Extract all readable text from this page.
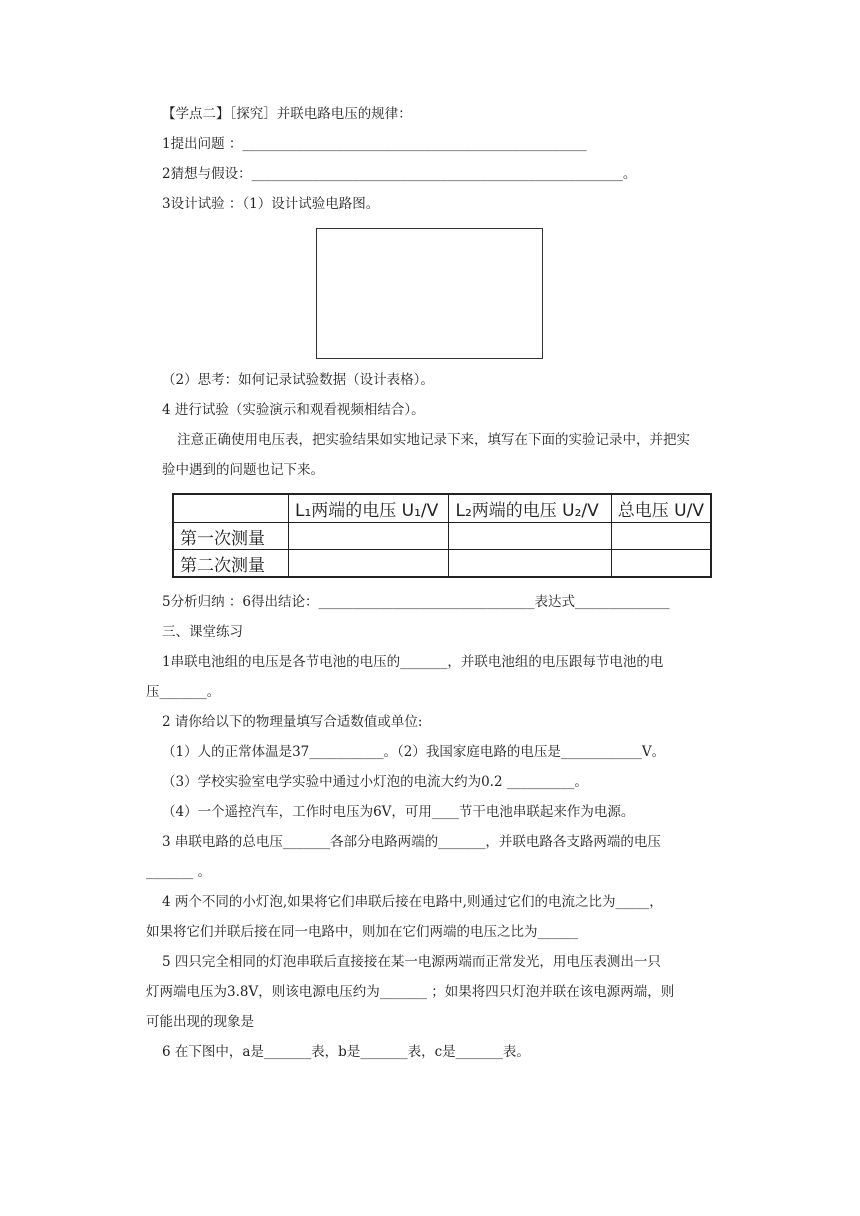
【学点二】［探究］并联电路电压的规律：
1提出问题 ：___________________________________________________
2猜想与假设：_______________________________________________________。
3设计试验 ：（1）设计试验电路图。
（2）思考：如何记录试验数据（设计表格）。
4 进行试验（实验演示和观看视频相结合）。
注意正确使用电压表，把实验结果如实地记录下来，填写在下面的实验记录中，并把实
验中遇到的问题也记下来。
	L₁两端的电压 U₁/V	L₂两端的电压 U₂/V	总电压 U/V
第一次测量			
第二次测量			
5分析归纳 ：6得出结论：________________________________表达式______________
三、课堂练习
1串联电池组的电压是各节电池的电压的_______，并联电池组的电压跟每节电池的电
压_______。
2 请你给以下的物理量填写合适数值或单位:
（1）人的正常体温是37___________。（2）我国家庭电路的电压是____________V。
（3）学校实验室电学实验中通过小灯泡的电流大约为0.2 __________。
（4）一个遥控汽车，工作时电压为6V，可用____节干电池串联起来作为电源。
3 串联电路的总电压_______各部分电路两端的_______，并联电路各支路两端的电压
_______ 。
4 两个不同的小灯泡,如果将它们串联后接在电路中,则通过它们的电流之比为_____，
如果将它们并联后接在同一电路中，则加在它们两端的电压之比为______
5 四只完全相同的灯泡串联后直接接在某一电源两端而正常发光，用电压表测出一只
灯两端电压为3.8V，则该电源电压约为_______ ；如果将四只灯泡并联在该电源两端，则
可能出现的现象是
6 在下图中，a是_______表，b是_______表，c是_______表。
